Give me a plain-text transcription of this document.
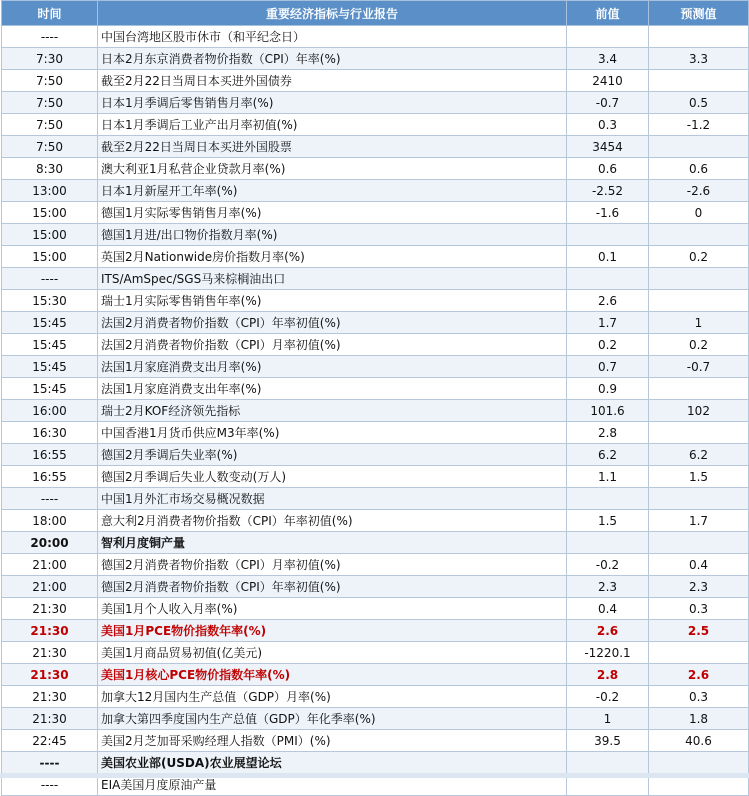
时间	重要经济指标与行业报告	前值	预测值
----	中国台湾地区股市休市（和平纪念日）		
7:30	日本2月东京消费者物价指数（CPI）年率(%)	3.4	3.3
7:50	截至2月22日当周日本买进外国债券	2410	
7:50	日本1月季调后零售销售月率(%)	-0.7	0.5
7:50	日本1月季调后工业产出月率初值(%)	0.3	-1.2
7:50	截至2月22日当周日本买进外国股票	3454	
8:30	澳大利亚1月私营企业贷款月率(%)	0.6	0.6
13:00	日本1月新屋开工年率(%)	-2.52	-2.6
15:00	德国1月实际零售销售月率(%)	-1.6	0
15:00	德国1月进/出口物价指数月率(%)		
15:00	英国2月Nationwide房价指数月率(%)	0.1	0.2
----	ITS/AmSpec/SGS马来棕榈油出口		
15:30	瑞士1月实际零售销售年率(%)	2.6	
15:45	法国2月消费者物价指数（CPI）年率初值(%)	1.7	1
15:45	法国2月消费者物价指数（CPI）月率初值(%)	0.2	0.2
15:45	法国1月家庭消费支出月率(%)	0.7	-0.7
15:45	法国1月家庭消费支出年率(%)	0.9	
16:00	瑞士2月KOF经济领先指标	101.6	102
16:30	中国香港1月货币供应M3年率(%)	2.8	
16:55	德国2月季调后失业率(%)	6.2	6.2
16:55	德国2月季调后失业人数变动(万人)	1.1	1.5
----	中国1月外汇市场交易概况数据		
18:00	意大利2月消费者物价指数（CPI）年率初值(%)	1.5	1.7
20:00	智利月度铜产量		
21:00	德国2月消费者物价指数（CPI）月率初值(%)	-0.2	0.4
21:00	德国2月消费者物价指数（CPI）年率初值(%)	2.3	2.3
21:30	美国1月个人收入月率(%)	0.4	0.3
21:30	美国1月PCE物价指数年率(%)	2.6	2.5
21:30	美国1月商品贸易初值(亿美元)	-1220.1	
21:30	美国1月核心PCE物价指数年率(%)	2.8	2.6
21:30	加拿大12月国内生产总值（GDP）月率(%)	-0.2	0.3
21:30	加拿大第四季度国内生产总值（GDP）年化季率(%)	1	1.8
22:45	美国2月芝加哥采购经理人指数（PMI）(%)	39.5	40.6
----	美国农业部(USDA)农业展望论坛		
----	EIA美国月度原油产量		
